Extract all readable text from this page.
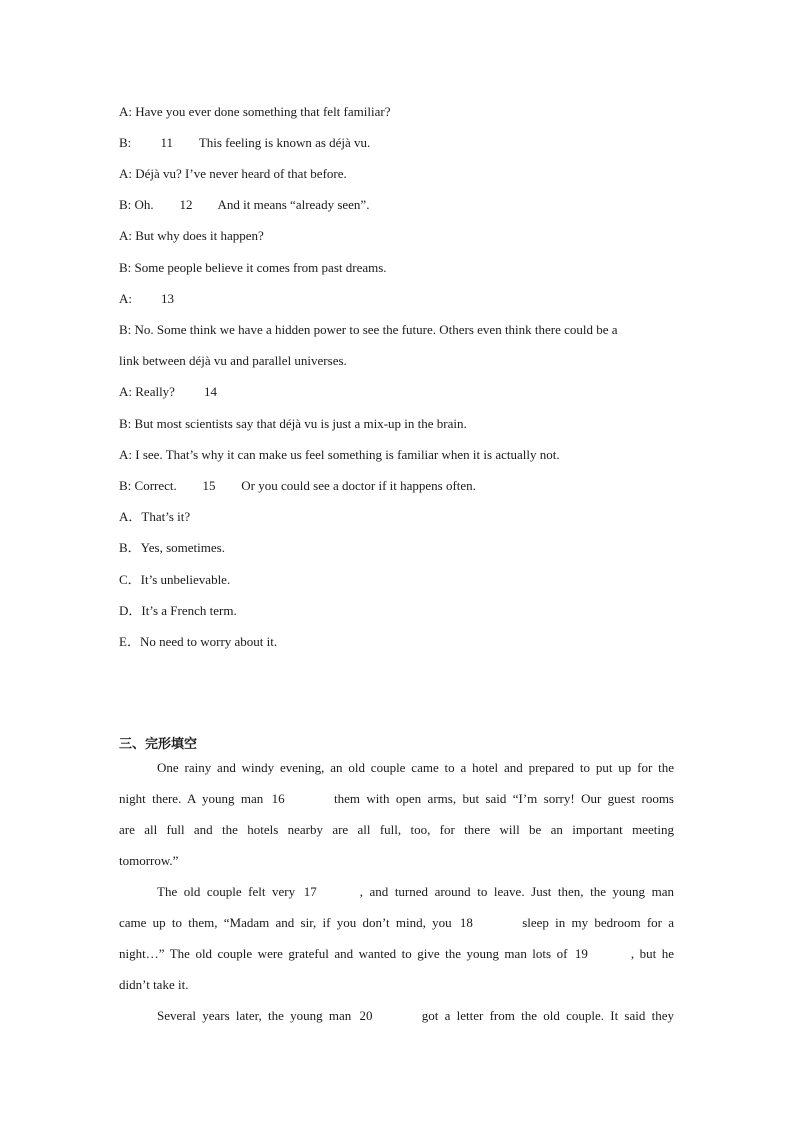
A: Have you ever done something that felt familiar?
B: 11 This feeling is known as déjà vu.
A: Déjà vu? I’ve never heard of that before.
B: Oh. 12 And it means “already seen”.
A: But why does it happen?
B: Some people believe it comes from past dreams.
A: 13
B: No. Some think we have a hidden power to see the future. Others even think there could be a
link between déjà vu and parallel universes.
A: Really? 14
B: But most scientists say that déjà vu is just a mix-up in the brain.
A: I see. That’s why it can make us feel something is familiar when it is actually not.
B: Correct. 15 Or you could see a doctor if it happens often.
A．That’s it?
B．Yes, sometimes.
C．It’s unbelievable.
D．It’s a French term.
E．No need to worry about it.
三、完形填空
One rainy and windy evening, an old couple came to a hotel and prepared to put up for the
night there. A young man 16	them with open arms, but said “I’m sorry! Our guest rooms
are all full and the hotels nearby are all full, too, for there will be an important meeting
tomorrow.”
The old couple felt very 17	, and turned around to leave. Just then, the young man
came up to them, “Madam and sir, if you don’t mind, you 18	sleep in my bedroom for a
night…” The old couple were grateful and wanted to give the young man lots of 19	, but he
didn’t take it.
Several years later, the young man 20	got a letter from the old couple. It said they
